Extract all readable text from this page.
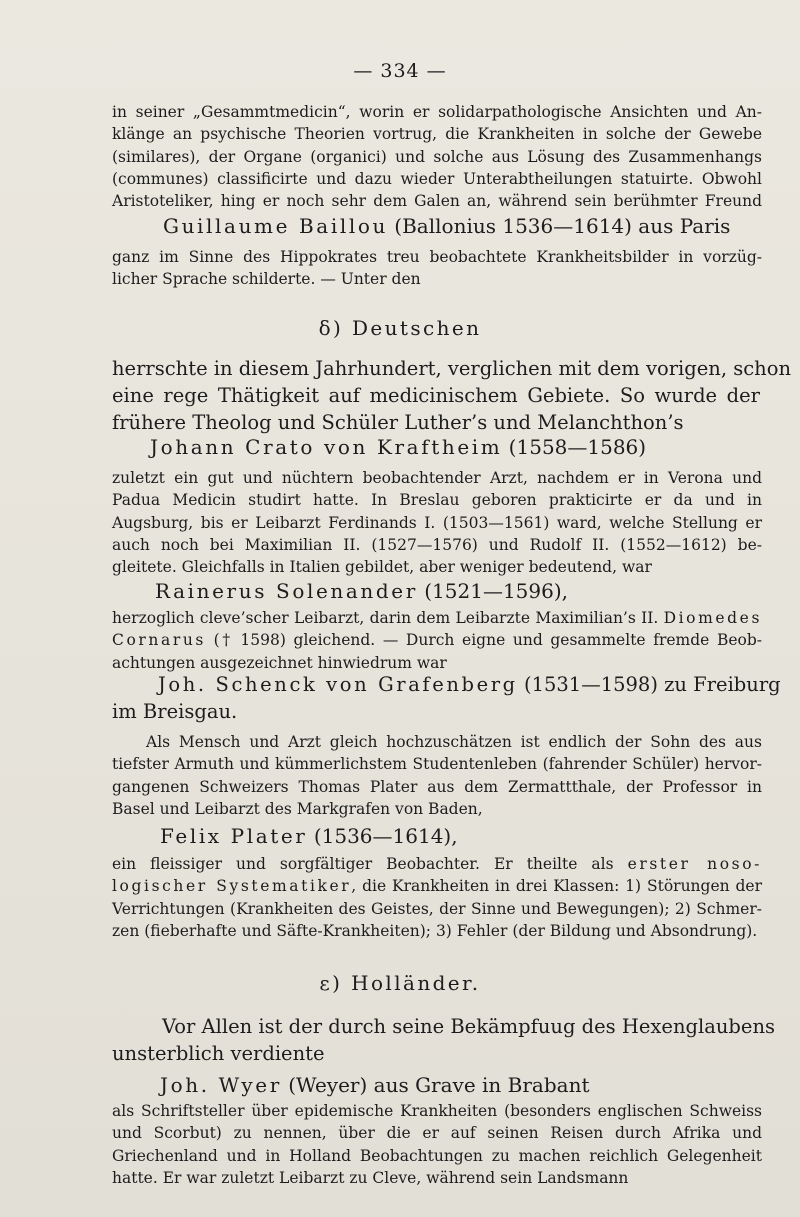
— 334 —
in seiner „Gesammtmedicin“, worin er solidarpathologische Ansichten und An-
klänge an psychische Theorien vortrug, die Krankheiten in solche der Gewebe
(similares), der Organe (organici) und solche aus Lösung des Zusammenhangs
(communes) classificirte und dazu wieder Unterabtheilungen statuirte. Obwohl
Aristoteliker, hing er noch sehr dem Galen an, während sein berühmter Freund
Guillaume Baillou (Ballonius 1536—1614) aus Paris
ganz im Sinne des Hippokrates treu beobachtete Krankheitsbilder in vorzüg-
licher Sprache schilderte. — Unter den
δ) Deutschen
herrschte in diesem Jahrhundert, verglichen mit dem vorigen, schon
eine rege Thätigkeit auf medicinischem Gebiete. So wurde der
frühere Theolog und Schüler Luther’s und Melanchthon’s
Johann Crato von Kraftheim (1558—1586)
zuletzt ein gut und nüchtern beobachtender Arzt, nachdem er in Verona und
Padua Medicin studirt hatte. In Breslau geboren prakticirte er da und in
Augsburg, bis er Leibarzt Ferdinands I. (1503—1561) ward, welche Stellung er
auch noch bei Maximilian II. (1527—1576) und Rudolf II. (1552—1612) be-
gleitete. Gleichfalls in Italien gebildet, aber weniger bedeutend, war
Rainerus Solenander (1521—1596),
herzoglich cleve’scher Leibarzt, darin dem Leibarzte Maximilian’s II. Diomedes
Cornarus († 1598) gleichend. — Durch eigne und gesammelte fremde Beob-
achtungen ausgezeichnet hinwiedrum war
Joh. Schenck von Grafenberg (1531—1598) zu Freiburg
im Breisgau.
Als Mensch und Arzt gleich hochzuschätzen ist endlich der Sohn des aus
tiefster Armuth und kümmerlichstem Studentenleben (fahrender Schüler) hervor-
gangenen Schweizers Thomas Plater aus dem Zermattthale, der Professor in
Basel und Leibarzt des Markgrafen von Baden,
Felix Plater (1536—1614),
ein fleissiger und sorgfältiger Beobachter. Er theilte als erster noso-
logischer Systematiker, die Krankheiten in drei Klassen: 1) Störungen der
Verrichtungen (Krankheiten des Geistes, der Sinne und Bewegungen); 2) Schmer-
zen (fieberhafte und Säfte-Krankheiten); 3) Fehler (der Bildung und Absondrung).
ε) Holländer.
Vor Allen ist der durch seine Bekämpfuug des Hexenglaubens
unsterblich verdiente
Joh. Wyer (Weyer) aus Grave in Brabant
als Schriftsteller über epidemische Krankheiten (besonders englischen Schweiss
und Scorbut) zu nennen, über die er auf seinen Reisen durch Afrika und
Griechenland und in Holland Beobachtungen zu machen reichlich Gelegenheit
hatte. Er war zuletzt Leibarzt zu Cleve, während sein Landsmann
